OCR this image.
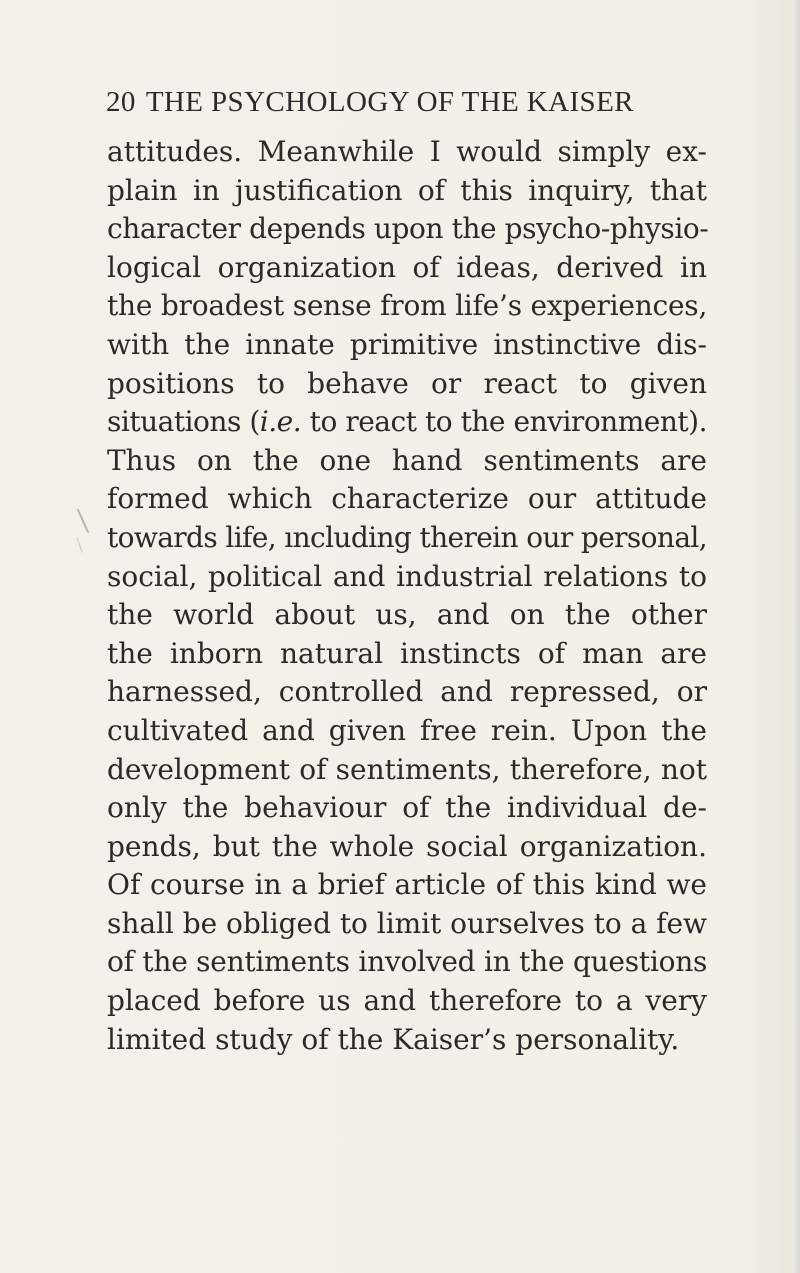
20 THE PSYCHOLOGY OF THE KAISER
attitudes. Meanwhile I would simply ex-
plain in justification of this inquiry, that
character depends upon the psycho-physio-
logical organization of ideas, derived in
the broadest sense from life’s experiences,
with the innate primitive instinctive dis-
positions to behave or react to given
situations (i.e. to react to the environment).
Thus on the one hand sentiments are
formed which characterize our attitude
towards life, ıncluding therein our personal,
social, political and industrial relations to
the world about us, and on the other
the inborn natural instincts of man are
harnessed, controlled and repressed, or
cultivated and given free rein. Upon the
development of sentiments, therefore, not
only the behaviour of the individual de-
pends, but the whole social organization.
Of course in a brief article of this kind we
shall be obliged to limit ourselves to a few
of the sentiments involved in the questions
placed before us and therefore to a very
limited study of the Kaiser’s personality.
